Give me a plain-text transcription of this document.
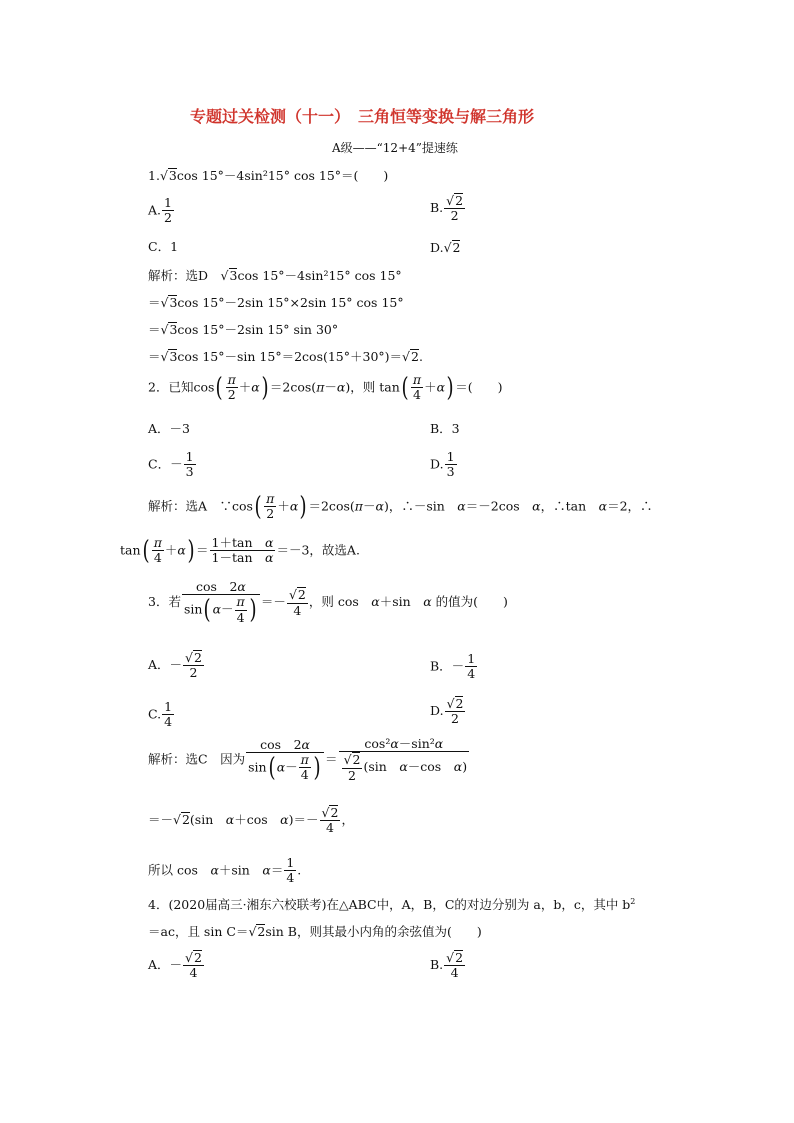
专题过关检测（十一）　三角恒等变换与解三角形
A级——“12+4”提速练
1.√3cos 15°－4sin²15° cos 15°＝(　　)
A. $\frac{1}{2}$	B. $\frac{√2}{2}$
C．1	D.√2
解析：选D　√3cos 15°－4sin²15° cos 15°
＝√3cos 15°－2sin 15°×2sin 15° cos 15°
＝√3cos 15°－2sin 15° sin 30°
＝√3cos 15°－sin 15°＝2cos(15°＋30°)＝√2.
2．已知$\cos( \frac{\pi}{2} +\alpha) =2\cos(\pi-\alpha)$，则 $\tan( \frac{\pi}{4} +\alpha)$ ＝(　　)
A．－3	B．3
C．－ $\frac{1}{3}$	D. $\frac{1}{3}$
解析：选A　∵cos( $\frac{\pi}{2} +\alpha) =2\cos(\pi-\alpha)$，∴－sin　α＝－2cos　α，∴tan　α＝2，∴
$\tan( \frac{\pi}{4} +\alpha) = \frac{\text{1＋tan　α}}{\text{1－tan　α}} =-3$，故选A.
3．若 $\frac{\cos 2\alpha}{\sin( \alpha- \frac{\pi}{4} )} =- \frac{√2}{4}$ ，则 cos　α＋sin　α 的值为(　　)
A．－ $\frac{√2}{2}$	B．－ $\frac{1}{4}$
C. $\frac{1}{4}$	D. $\frac{√2}{2}$
解析：选C　因为 $\frac{\cos 2\alpha}{\sin( \alpha- \frac{\pi}{4} )} = \frac{\text{cos²α－sin²α}}{\frac{√2}{2} (\sin \alpha-\cos \alpha)}$
＝－√2(sin　α＋cos　$\alpha)=- \frac{√2}{4}$ ，
所以 cos　α＋sin　$\alpha= \frac{1}{4}$ .
4．(2020届高三·湘东六校联考)在△ABC中，A，B，C的对边分别为 a，b，c，其中 $b^2$
＝ac，且 sin C＝√2sin B，则其最小内角的余弦值为(　　)
A．－ $\frac{√2}{4}$	B. $\frac{√2}{4}$
